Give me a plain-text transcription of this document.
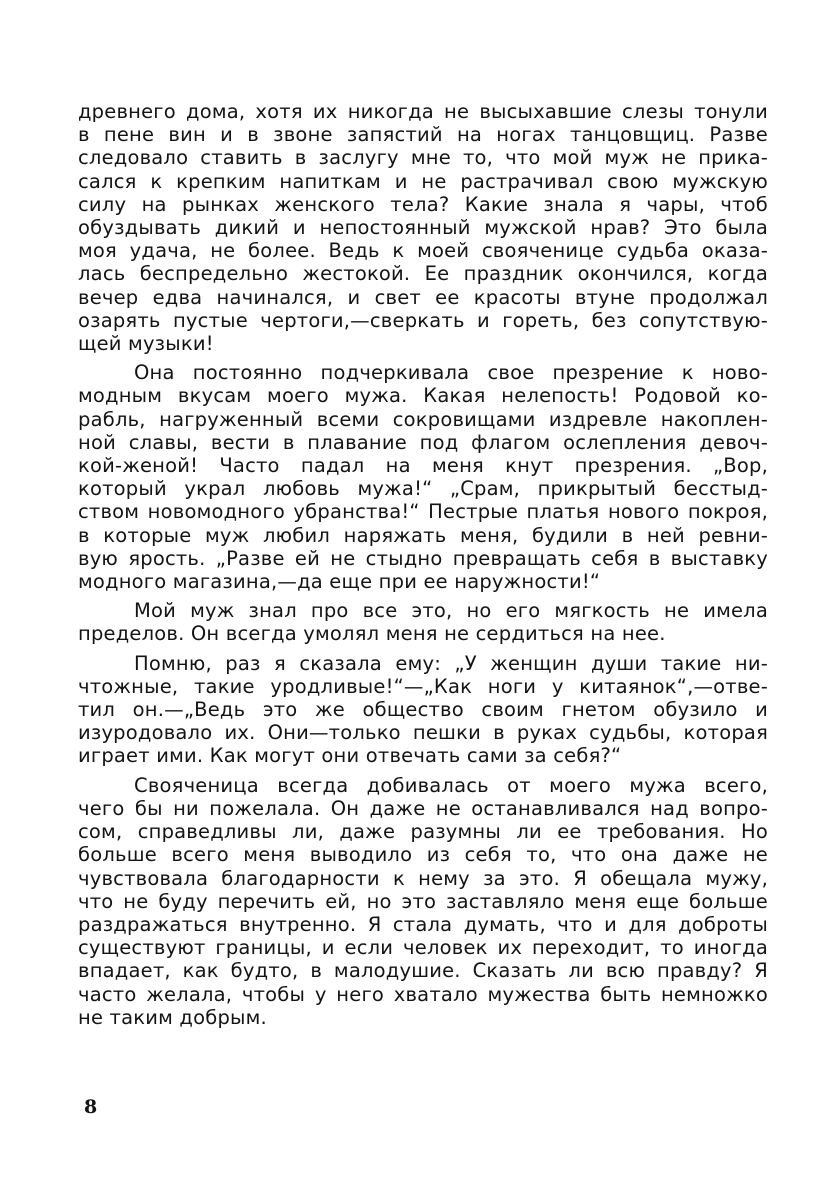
древнего дома, хотя их никогда не высыхавшие слезы тонули
в пене вин и в звоне запястий на ногах танцовщиц. Разве
следовало ставить в заслугу мне то, что мой муж не прика-
сался к крепким напиткам и не растрачивал свою мужскую
силу на рынках женского тела? Какие знала я чары, чтоб
обуздывать дикий и непостоянный мужской нрав? Это была
моя удача, не более. Ведь к моей свояченице судьба оказа-
лась беспредельно жестокой. Ее праздник окончился, когда
вечер едва начинался, и свет ее красоты втуне продолжал
озарять пустые чертоги,—сверкать и гореть, без сопутствую-
щей музыки!
Она постоянно подчеркивала свое презрение к ново-
модным вкусам моего мужа. Какая нелепость! Родовой ко-
рабль, нагруженный всеми сокровищами издревле накоплен-
ной славы, вести в плавание под флагом ослепления девоч-
кой-женой! Часто падал на меня кнут презрения. „Вор,
который украл любовь мужа!“ „Срам, прикрытый бесстыд-
ством новомодного убранства!“ Пестрые платья нового покроя,
в которые муж любил наряжать меня, будили в ней ревни-
вую ярость. „Разве ей не стыдно превращать себя в выставку
модного магазина,—да еще при ее наружности!“
Мой муж знал про все это, но его мягкость не имела
пределов. Он всегда умолял меня не сердиться на нее.
Помню, раз я сказала ему: „У женщин души такие ни-
чтожные, такие уродливые!“—„Как ноги у китаянок“,—отве-
тил он.—„Ведь это же общество своим гнетом обузило и
изуродовало их. Они—только пешки в руках судьбы, которая
играет ими. Как могут они отвечать сами за себя?“
Свояченица всегда добивалась от моего мужа всего,
чего бы ни пожелала. Он даже не останавливался над вопро-
сом, справедливы ли, даже разумны ли ее требования. Но
больше всего меня выводило из себя то, что она даже не
чувствовала благодарности к нему за это. Я обещала мужу,
что не буду перечить ей, но это заставляло меня еще больше
раздражаться внутренно. Я стала думать, что и для доброты
существуют границы, и если человек их переходит, то иногда
впадает, как будто, в малодушие. Сказать ли всю правду? Я
часто желала, чтобы у него хватало мужества быть немножко
не таким добрым.
8
